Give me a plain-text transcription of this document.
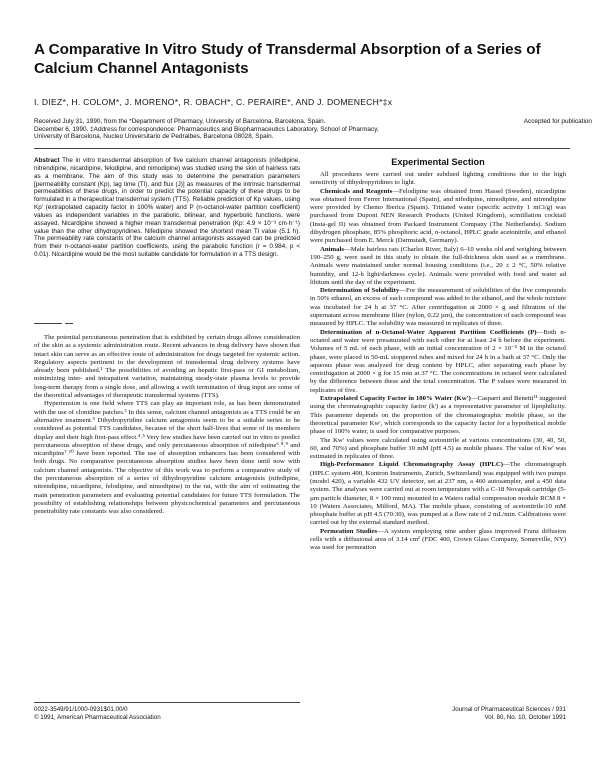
A Comparative In Vitro Study of Transdermal Absorption of a Series of Calcium Channel Antagonists
I. DIEZ*, H. COLOM*, J. MORENO*, R. OBACH*, C. PERAIRE*, AND J. DOMENECH*‡x

Received July 31, 1990, from the *Department of Pharmacy, University of Barcelona, Barcelona, Spain.	Accepted for publication

December 6, 1990. ‡Address for correspondence: Pharmaceutics and Biopharmaceutics Laboratory, School of Pharmacy,

University of Barcelona, Nucleo Universitario de Pedralbes, Barcelona 08028, Spain.

Abstract The in vitro transdermal absorption of five calcium channel antagonists (nifedipine, nitrendipine, nicardipine, felodipine, and nimodipine) was studied using the skin of hairless rats as a membrane. The aim of this study was to determine the penetration parameters [permeability constant (Kp), lag time (Tl), and flux (J)] as measures of the intrinsic transdermal permeabilities of these drugs, in order to predict the potential capacity of these drugs to be formulated in a therapeutical transdermal system (TTS). Reliable prediction of Kp values, using Kp' (extrapolated capacity factor in 100% water) and P (n-octanol-water partition coefficient) values as independent variables in the parabolic, bilinear, and hyperbolic functions, were assayed. Nicardipine showed a higher mean transdermal penetration (Kp: 4.9 × 10⁻³ cm·h⁻¹) value than the other dihydropyridines. Nifedipine showed the shortest mean Tl value (5.1 h). The permeability rate constants of the calcium channel antagonists assayed can be predicted from their n-octanol-water partition coefficients, using the parabolic function (r = 0.984, p < 0.01). Nicardipine would be the most suitable candidate for formulation in a TTS design.

The potential percutaneous penetration that is exhibited by certain drugs allows consideration of the skin as a systemic administration route. Recent advances in drug delivery have shown that intact skin can serve as an effective route of administration for drugs targeted for systemic action. Regulatory aspects pertinent to the development of transdermal drug delivery systems have already been published.¹ The possibilities of avoiding an hepatic first-pass or GI metabolism, minimizing inter- and intrapatient variation, maintaining steady-state plasma levels to provide long-term therapy from a single dose, and allowing a swift termination of drug input are some of the theoretical advantages of therapeutic transdermal systems (TTS).

Hypertension is one field where TTS can play an important role, as has been demonstrated with the use of clonidine patches.² In this sense, calcium channel antagonists as a TTS could be an alternative treatment.³ Dihydropyridine calcium antagonists seem to be a suitable series to be considered as potential TTS candidates, because of the short half-lives that some of its members display and their high first-pass effect.⁴˒⁵ Very few studies have been carried out in vitro to predict percutaneous absorption of these drugs, and only percutaneous absorption of nifedipine⁶˒⁸˒⁹ and nicardipine⁷˒¹⁰ have been reported. The use of absorption enhancers has been considered with both drugs. No comparative percutaneous absorption studies have been done until now with calcium channel antagonists. The objective of this work was to perform a comparative study of the percutaneous absorption of a series of dihydropyridine calcium antagonists (nifedipine, nitrendipine, nicardipine, felodipine, and nimodipine) in the rat, with the aim of estimating the main penetration parameters and evaluating potential candidates for future TTS formulation. The possibility of establishing relationships between physicochemical parameters and percutaneous penetrability rate constants was also considered.

Experimental Section

All procedures were carried out under subdued lighting conditions due to the high sensitivity of dihydropyridines to light.

Chemicals and Reagents—Felodipine was obtained from Hassel (Sweden), nicardipine was obtained from Ferrer International (Spain), and nifedipine, nimodipine, and nitrendipine were provided by Chemo Iberica (Spain). Tritiated water (specific activity 1 mCi/g) was purchased from Dupont NEN Research Products (United Kingdom), scintillation cocktail (Insta-gel II) was obtained from Packard Instrument Company (The Netherlands). Sodium dihydrogen phosphate, 85% phosphoric acid, n-octanol, HPLC grade acetonitrile, and ethanol were purchased from E. Merck (Darmstadt, Germany).

Animals—Male hairless rats (Charles River, Italy) 6–10 weeks old and weighing between 190–250 g, were used in this study to obtain the full-thickness skin used as a membrane. Animals were maintained under normal housing conditions (i.e., 20 ± 2 °C, 50% relative humidity, and 12-h light/darkness cycle). Animals were provided with food and water ad libitum until the day of the experiment.

Determination of Solubility—For the measurement of solubilities of the five compounds in 50% ethanol, an excess of each compound was added to the ethanol, and the whole mixture was incubated for 24 h at 37 °C. After centrifugation at 2000 × g and filtration of the supernatant across membrane filter (nylon, 0.22 µm), the concentration of each compound was measured by HPLC. The solubility was measured in replicates of three.

Determination of n-Octanol-Water Apparent Partition Coefficients (P)—Both n-octanol and water were presaturated with each other for at least 24 h before the experiment. Volumes of 5 mL of each phase, with an initial concentration of 2 × 10⁻⁵ M in the octanol phase, were placed in 50-mL stoppered tubes and mixed for 24 h in a bath at 37 °C. Only the aqueous phase was analyzed for drug content by HPLC, after separating each phase by centrifugation at 2000 × g for 15 min at 37 °C. The concentrations in octanol were calculated by the difference between these and the total concentration. The P values were measured in replicates of five.

Extrapolated Capacity Factor in 100% Water (Kw')—Casparri and Benetti¹¹ suggested using the chromatographic capacity factor (k') as a representative parameter of lipophilicity. This parameter depends on the proportion of the chromatographic mobile phase, so the theoretical parameter Kw', which corresponds to the capacity factor for a hypothetical mobile phase of 100% water, is used for comparative purposes.

The Kw' values were calculated using acetonitrile at various concentrations (30, 40, 50, 60, and 70%) and phosphate buffer 10 mM (pH 4.5) as mobile phases. The value of Kw' was estimated in replicates of three.

High-Performance Liquid Chromatography Assay (HPLC)—The chromatograph (HPLC system 400, Kontron Instruments, Zurich, Switzerland) was equipped with two pumps (model 420), a variable 432 UV detector, set at 237 nm, a 460 autosampler, and a 450 data system. The analyses were carried out at room temperature with a C-18 Novapak cartridge (5-µm particle diameter, 8 × 100 mm) mounted in a Waters radial compression module RCM 8 × 10 (Waters Associates, Milford, MA). The mobile phase, consisting of acetonitrile:10 mM phosphate buffer at pH 4.5 (70:30), was pumped at a flow rate of 2 mL/min. Calibrations were carried out by the external standard method.

Permeation Studies—A system employing nine amber glass improved Franz diffusion cells with a diffusional area of 3.14 cm² (FDC 400, Crown Glass Company, Somerville, NY) was used for permeation

0022-3549/91/1000-0931$01.00/0
© 1991, American Pharmaceutical Association
Journal of Pharmaceutical Sciences / 931
Vol. 80, No. 10, October 1991
